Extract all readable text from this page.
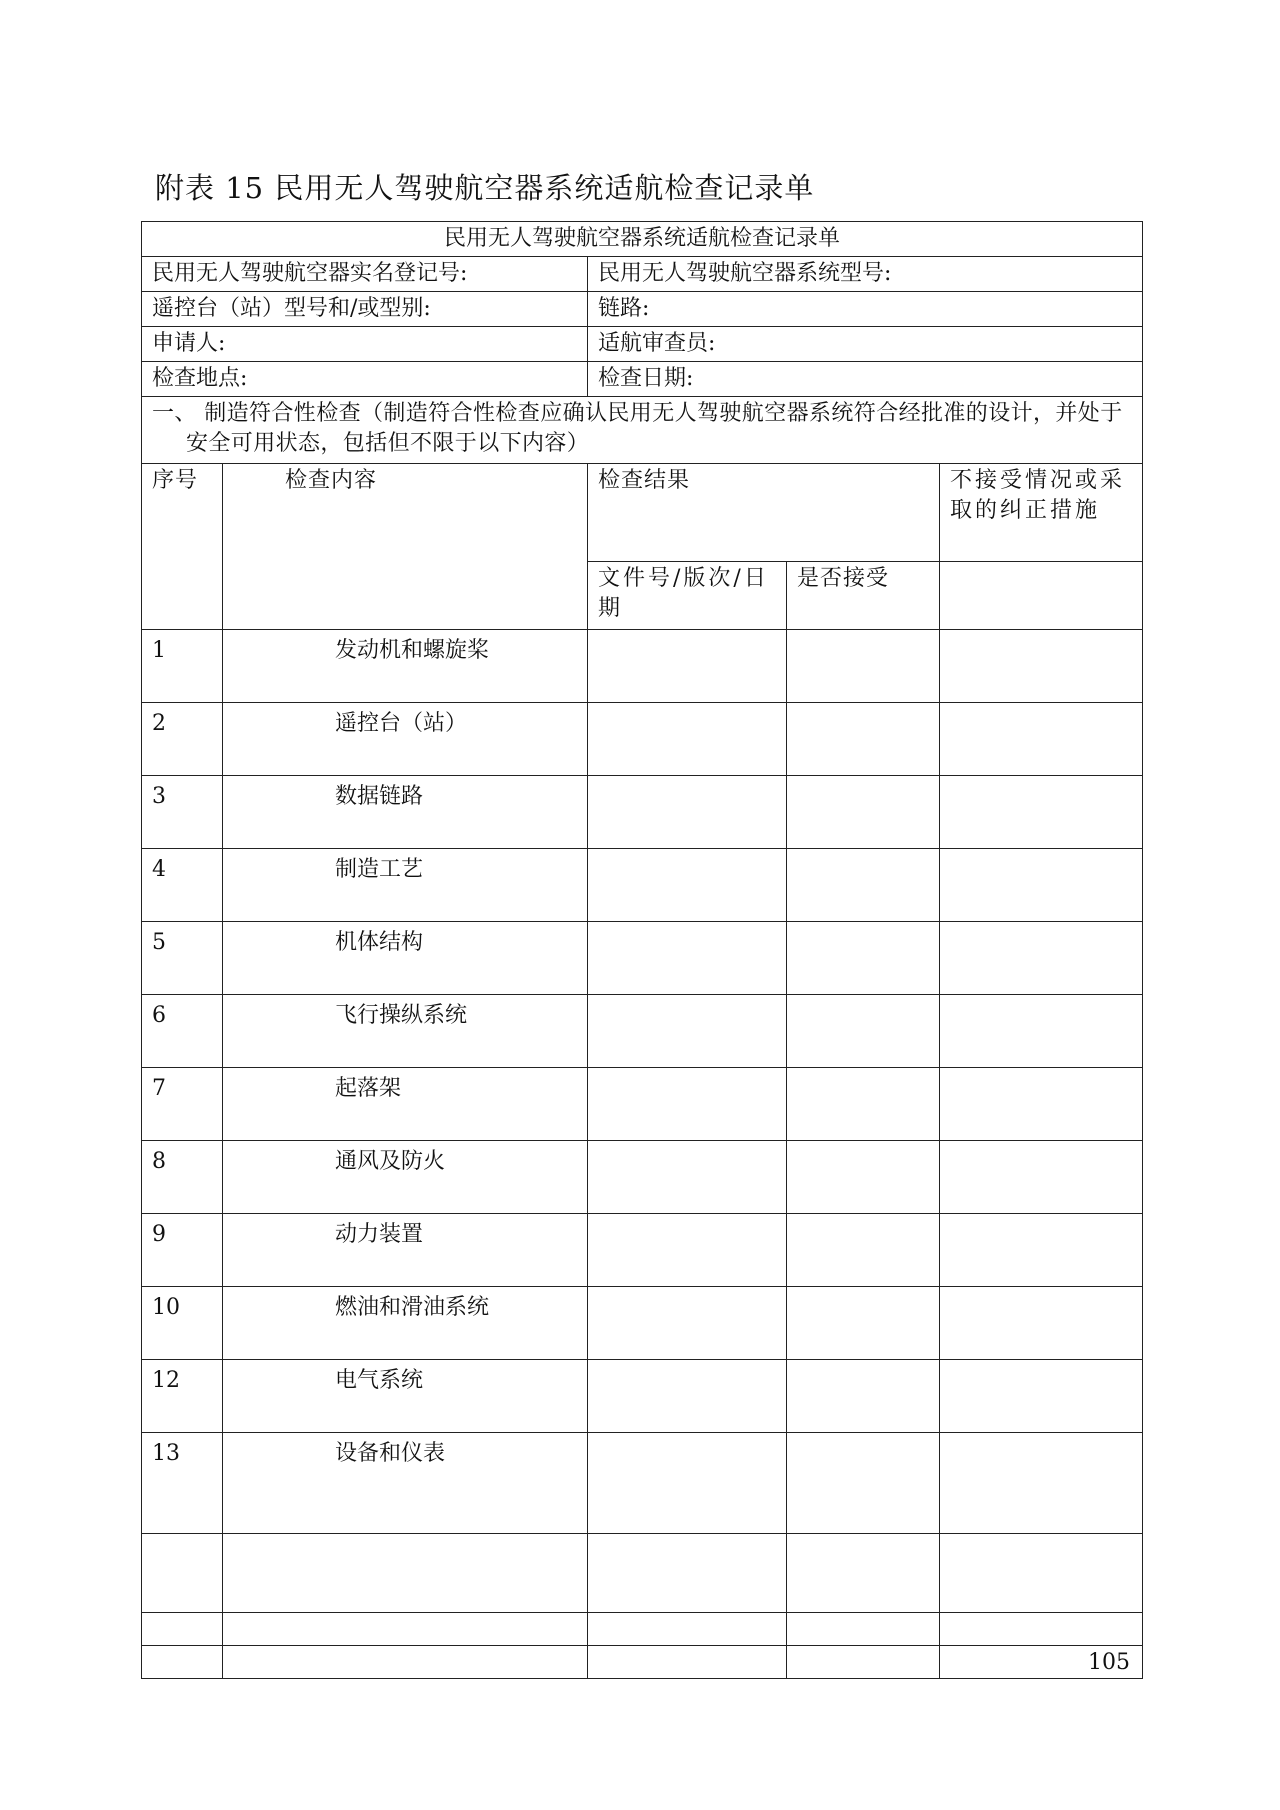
附表 15 民用无人驾驶航空器系统适航检查记录单
民用无人驾驶航空器系统适航检查记录单				
民用无人驾驶航空器实名登记号:		民用无人驾驶航空器系统型号:		
遥控台（站）型号和/或型别:		链路:		
申请人:		适航审查员:		
检查地点:		检查日期:		

一、 制造符合性检查（制造符合性检查应确认民用无人驾驶航空器系统符合经批准的设计，并处于安全可用状态，包括但不限于以下内容）				

序号	检查内容	检查结果		不接受情况或采取的纠正措施
		文件号/版次/日期	是否接受	
1	发动机和螺旋桨			
2	遥控台（站）			
3	数据链路			
4	制造工艺			
5	机体结构			
6	飞行操纵系统			
7	起落架			
8	通风及防火			
9	动力装置			
10	燃油和滑油系统			
12	电气系统			
13	设备和仪表			

105
